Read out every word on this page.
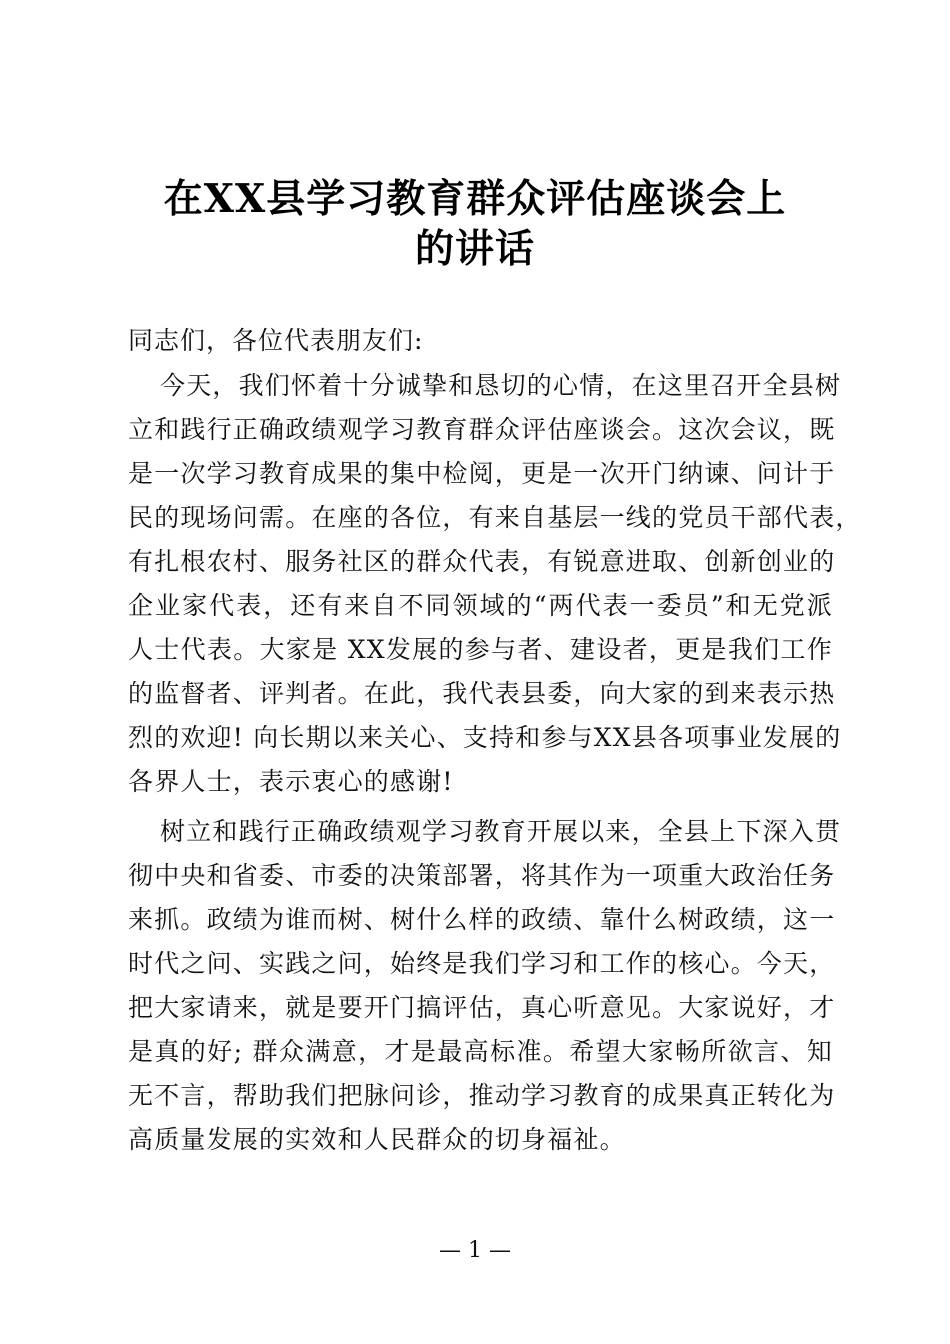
在XX县学习教育群众评估座谈会上
的讲话
同志们，各位代表朋友们:
今天，我们怀着十分诚挚和恳切的心情，在这里召开全县树
立和践行正确政绩观学习教育群众评估座谈会。这次会议，既
是一次学习教育成果的集中检阅，更是一次开门纳谏、问计于
民的现场问需。在座的各位，有来自基层一线的党员干部代表，
有扎根农村、服务社区的群众代表，有锐意进取、创新创业的
企业家代表，还有来自不同领域的“两代表一委员”和无党派
人士代表。大家是 XX发展的参与者、建设者，更是我们工作
的监督者、评判者。在此，我代表县委，向大家的到来表示热
烈的欢迎! 向长期以来关心、支持和参与XX县各项事业发展的
各界人士，表示衷心的感谢!
树立和践行正确政绩观学习教育开展以来，全县上下深入贯
彻中央和省委、市委的决策部署，将其作为一项重大政治任务
来抓。政绩为谁而树、树什么样的政绩、靠什么树政绩，这一
时代之问、实践之问，始终是我们学习和工作的核心。今天，
把大家请来，就是要开门搞评估，真心听意见。大家说好，才
是真的好; 群众满意，才是最高标准。希望大家畅所欲言、知
无不言，帮助我们把脉问诊，推动学习教育的成果真正转化为
高质量发展的实效和人民群众的切身福祉。
— 1 —
